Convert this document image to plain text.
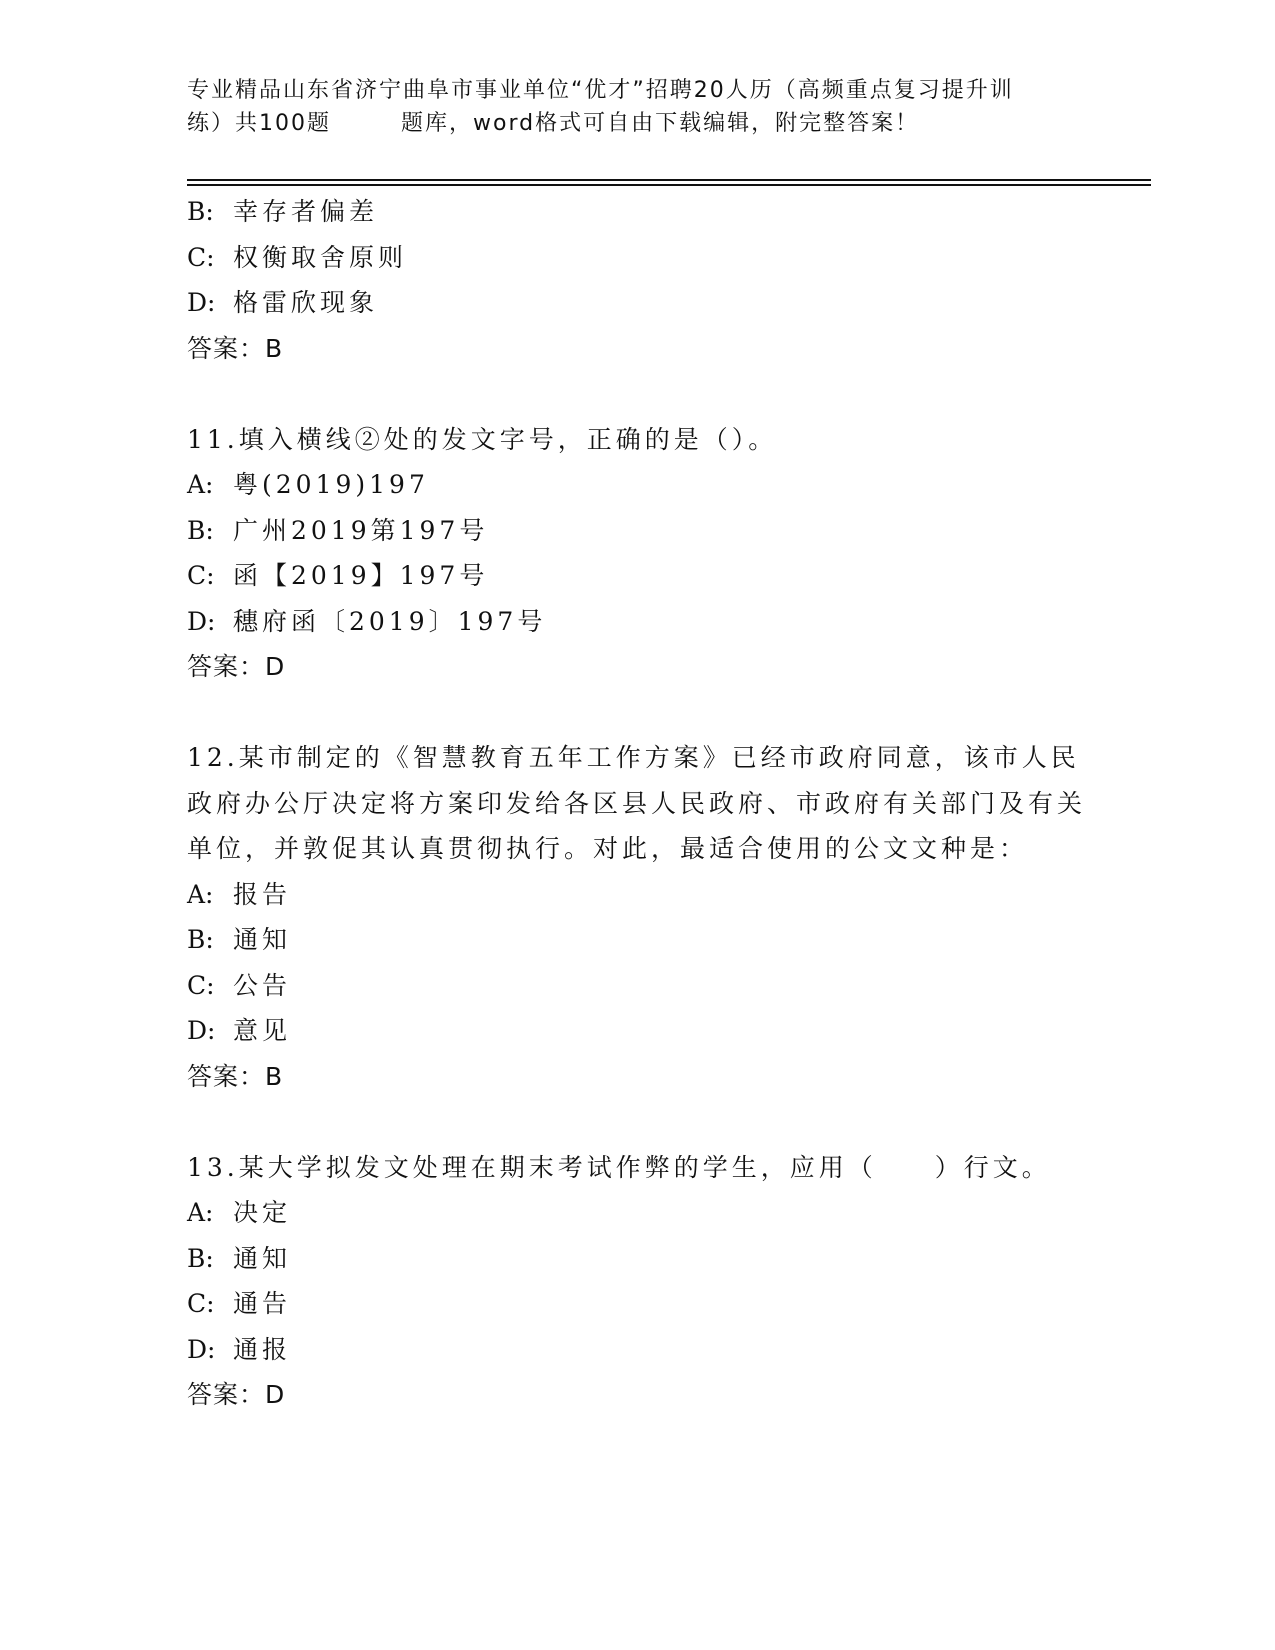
专业精品山东省济宁曲阜市事业单位“优才”招聘20人历（高频重点复习提升训
练）共100题	题库，word格式可自由下载编辑，附完整答案！
B: 幸存者偏差
C: 权衡取舍原则
D: 格雷欣现象
答案：B
11.填入横线②处的发文字号，正确的是（）。
A: 粤(2019)197
B: 广州2019第197号
C: 函【2019】197号
D: 穗府函〔2019〕197号
答案：D
12.某市制定的《智慧教育五年工作方案》已经市政府同意，该市人民政府办公厅决定将方案印发给各区县人民政府、市政府有关部门及有关单位，并敦促其认真贯彻执行。对此，最适合使用的公文文种是：
A: 报告
B: 通知
C: 公告
D: 意见
答案：B
13.某大学拟发文处理在期末考试作弊的学生，应用（　　）行文。
A: 决定
B: 通知
C: 通告
D: 通报
答案：D
